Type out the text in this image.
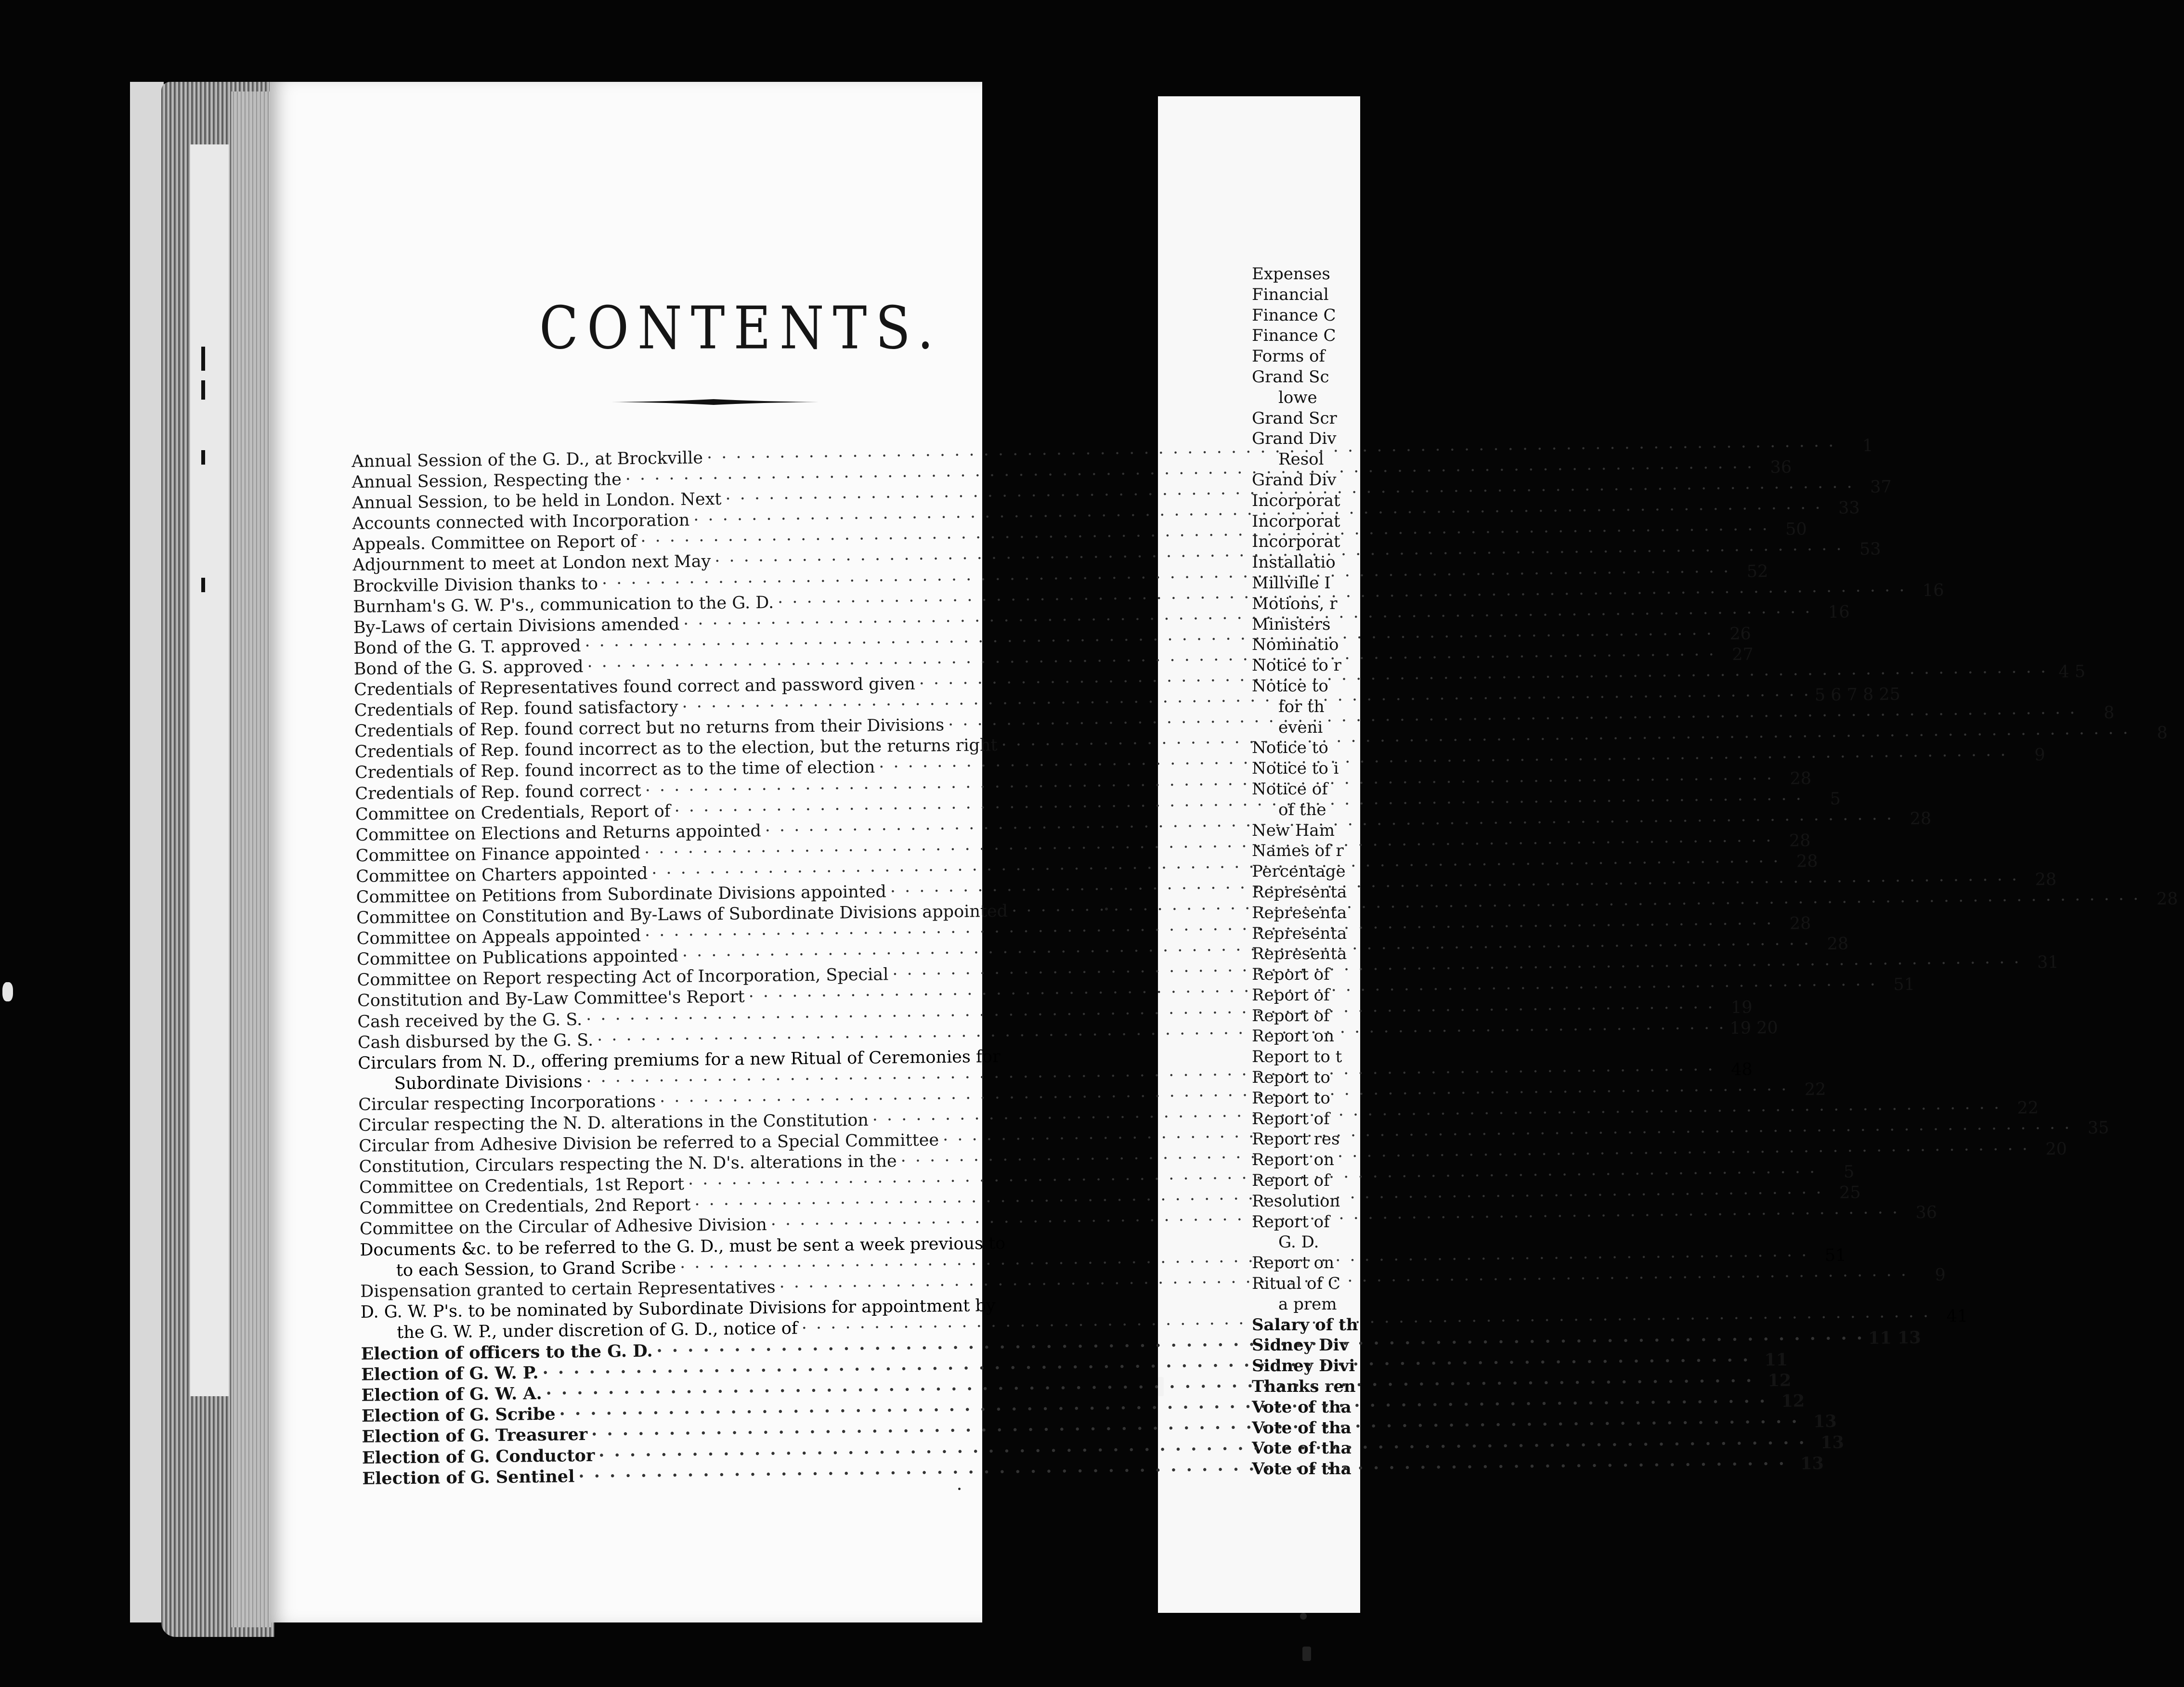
Expenses
Financial
Finance C
Finance C
Forms of
Grand Sc
lowe
Grand Scr
Grand Div
Resol
Grand Div
Incorporat
Incorporat
Incorporat
Installatio
Millville I
Motions, r
Ministers
Nominatio
Notice to r
Notice to
for th
eveni
Notice to
Notice to i
Notice of
of the
New Ham
Names of r
Percentage
Representa
Representa
Representa
Representa
Report of
Report of
Report of
Report on
Report to t
Report to
Report to
Report of
Report res
Report on
Report of
Resolution
Report of
G. D.
Report on
Ritual of C
a prem
Salary of th
Sidney Div
Sidney Divi
Thanks ren
Vote of tha
Vote of tha
Vote of tha
Vote of tha
CONTENTS.
Annual Session of the G. D., at Brockville
· · ·
1
Annual Session, Respecting the
· · ·
36
Annual Session, to be held in London. Next
· · ·
37
Accounts connected with Incorporation
· · ·
33
Appeals. Committee on Report of
· · ·
50
Adjournment to meet at London next May
· · ·
53
Brockville Division thanks to
· · ·
52
Burnham's G. W. P's., communication to the G. D.
· · ·
16
By-Laws of certain Divisions amended
· · ·
16
Bond of the G. T. approved
· · ·
26
Bond of the G. S. approved
· · ·
27
Credentials of Representatives found correct and password given
· · ·
4 5
Credentials of Rep. found satisfactory
· · ·
5 6 7 8 25
Credentials of Rep. found correct but no returns from their Divisions
· · ·
8
Credentials of Rep. found incorrect as to the election, but the returns right
· · ·
8
Credentials of Rep. found incorrect as to the time of election
· · ·
9
Credentials of Rep. found correct
· · ·
28
Committee on Credentials, Report of
· · ·
5
Committee on Elections and Returns appointed
· · ·
28
Committee on Finance appointed
· · ·
28
Committee on Charters appointed
· · ·
28
Committee on Petitions from Subordinate Divisions appointed
· · ·
28
Committee on Constitution and By-Laws of Subordinate Divisions appointed
· · ·
28
Committee on Appeals appointed
· · ·
28
Committee on Publications appointed
· · ·
28
Committee on Report respecting Act of Incorporation, Special
· · ·
31
Constitution and By-Law Committee's Report
· · ·
51
Cash received by the G. S.
· · ·
19
Cash disbursed by the G. S.
· · ·
19 20
Circulars from N. D., offering premiums for a new Ritual of Ceremonies for
Subordinate Divisions
· · ·
48
Circular respecting Incorporations
· · ·
22
Circular respecting the N. D. alterations in the Constitution
· · ·
22
Circular from Adhesive Division be referred to a Special Committee
· · ·
35
Constitution, Circulars respecting the N. D's. alterations in the
· · ·
20
Committee on Credentials, 1st Report
· · ·
5
Committee on Credentials, 2nd Report
· · ·
25
Committee on the Circular of Adhesive Division
· · ·
36
Documents &c. to be referred to the G. D., must be sent a week previous to
to each Session, to Grand Scribe
· · ·
51
Dispensation granted to certain Representatives
· · ·
9
D. G. W. P's. to be nominated by Subordinate Divisions for appointment by
the G. W. P., under discretion of G. D., notice of
· · ·
41
Election of officers to the G. D.
· · ·
11 13
Election of G. W. P.
· · ·
11
Election of G. W. A.
· · ·
12
Election of G. Scribe
· · ·
12
Election of G. Treasurer
· · ·
13
Election of G. Conductor
· · ·
13
Election of G. Sentinel
· · ·
13
